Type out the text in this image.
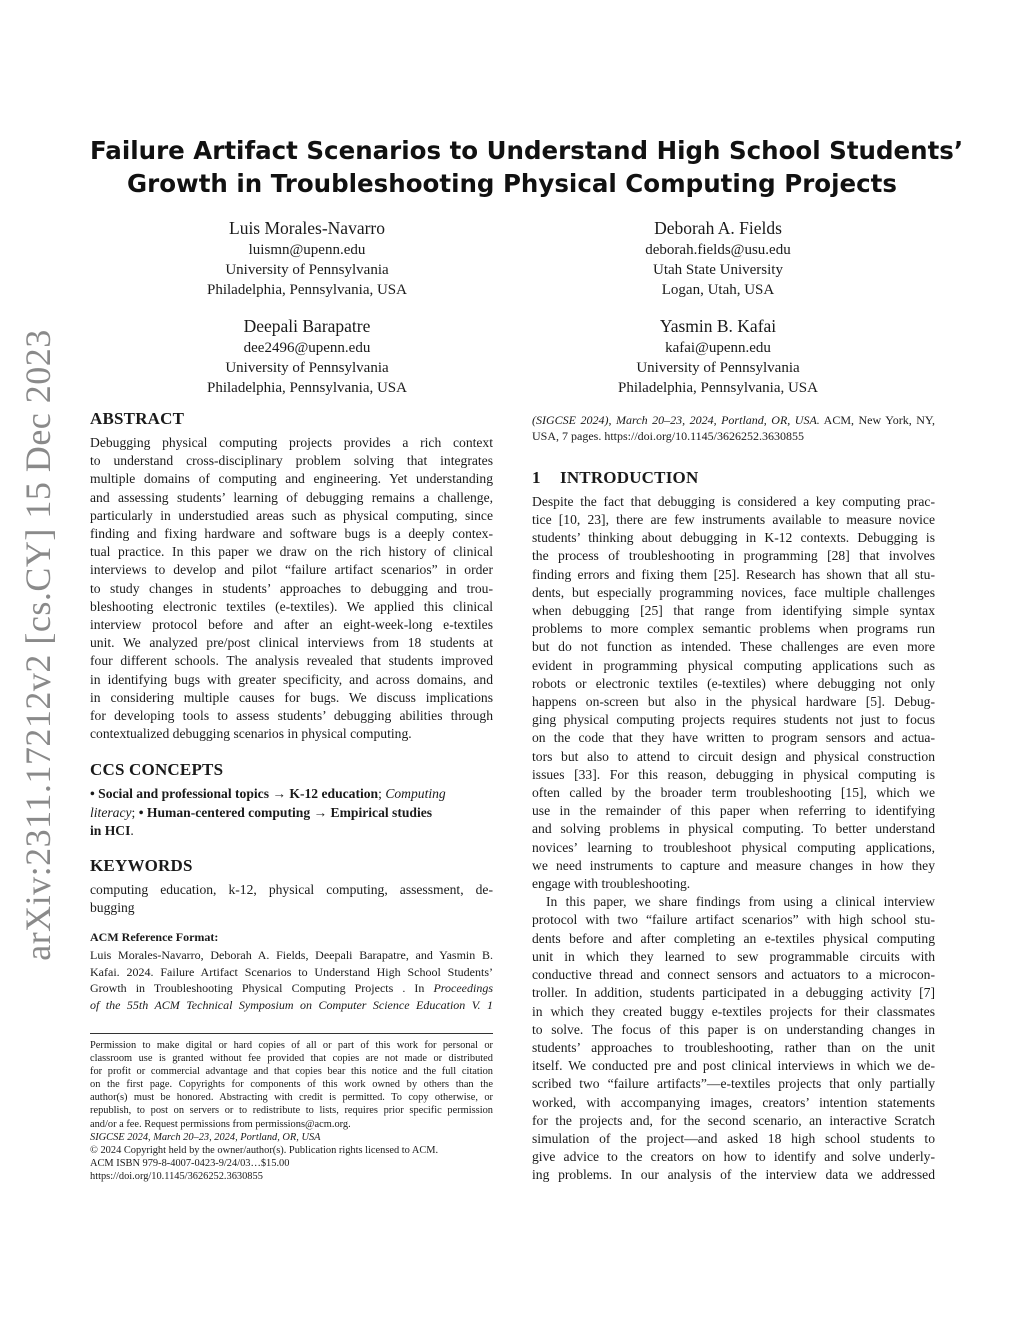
arXiv:2311.17212v2 [cs.CY] 15 Dec 2023
Failure Artifact Scenarios to Understand High School Students’
Growth in Troubleshooting Physical Computing Projects
Luis Morales-Navarro
luismn@upenn.edu
University of Pennsylvania
Philadelphia, Pennsylvania, USA
Deborah A. Fields
deborah.fields@usu.edu
Utah State University
Logan, Utah, USA
Deepali Barapatre
dee2496@upenn.edu
University of Pennsylvania
Philadelphia, Pennsylvania, USA
Yasmin B. Kafai
kafai@upenn.edu
University of Pennsylvania
Philadelphia, Pennsylvania, USA
ABSTRACT

Debugging physical computing projects provides a rich context
to understand cross-disciplinary problem solving that integrates
multiple domains of computing and engineering. Yet understanding
and assessing students’ learning of debugging remains a challenge,
particularly in understudied areas such as physical computing, since
finding and fixing hardware and software bugs is a deeply contex-
tual practice. In this paper we draw on the rich history of clinical
interviews to develop and pilot “failure artifact scenarios” in order
to study changes in students’ approaches to debugging and trou-
bleshooting electronic textiles (e-textiles). We applied this clinical
interview protocol before and after an eight-week-long e-textiles
unit. We analyzed pre/post clinical interviews from 18 students at
four different schools. The analysis revealed that students improved
in identifying bugs with greater specificity, and across domains, and
in considering multiple causes for bugs. We discuss implications
for developing tools to assess students’ debugging abilities through
contextualized debugging scenarios in physical computing.

CCS CONCEPTS

• Social and professional topics → K-12 education; Computing
literacy; • Human-centered computing → Empirical studies
in HCI.

KEYWORDS

computing education, k-12, physical computing, assessment, de-
bugging

ACM Reference Format:

Luis Morales-Navarro, Deborah A. Fields, Deepali Barapatre, and Yasmin B.
Kafai. 2024. Failure Artifact Scenarios to Understand High School Students’
Growth in Troubleshooting Physical Computing Projects . In Proceedings
of the 55th ACM Technical Symposium on Computer Science Education V. 1

Permission to make digital or hard copies of all or part of this work for personal or
classroom use is granted without fee provided that copies are not made or distributed
for profit or commercial advantage and that copies bear this notice and the full citation
on the first page. Copyrights for components of this work owned by others than the
author(s) must be honored. Abstracting with credit is permitted. To copy otherwise, or
republish, to post on servers or to redistribute to lists, requires prior specific permission
and/or a fee. Request permissions from permissions@acm.org.
SIGCSE 2024, March 20–23, 2024, Portland, OR, USA
© 2024 Copyright held by the owner/author(s). Publication rights licensed to ACM.
ACM ISBN 979-8-4007-0423-9/24/03…$15.00
https://doi.org/10.1145/3626252.3630855

(SIGCSE 2024), March 20–23, 2024, Portland, OR, USA. ACM, New York, NY,
USA, 7 pages. https://doi.org/10.1145/3626252.3630855

1 INTRODUCTION

Despite the fact that debugging is considered a key computing prac-
tice [10, 23], there are few instruments available to measure novice
students’ thinking about debugging in K-12 contexts. Debugging is
the process of troubleshooting in programming [28] that involves
finding errors and fixing them [25]. Research has shown that all stu-
dents, but especially programming novices, face multiple challenges
when debugging [25] that range from identifying simple syntax
problems to more complex semantic problems when programs run
but do not function as intended. These challenges are even more
evident in programming physical computing applications such as
robots or electronic textiles (e-textiles) where debugging not only
happens on-screen but also in the physical hardware [5]. Debug-
ging physical computing projects requires students not just to focus
on the code that they have written to program sensors and actua-
tors but also to attend to circuit design and physical construction
issues [33]. For this reason, debugging in physical computing is
often called by the broader term troubleshooting [15], which we
use in the remainder of this paper when referring to identifying
and solving problems in physical computing. To better understand
novices’ learning to troubleshoot physical computing applications,
we need instruments to capture and measure changes in how they
engage with troubleshooting.

In this paper, we share findings from using a clinical interview
protocol with two “failure artifact scenarios” with high school stu-
dents before and after completing an e-textiles physical computing
unit in which they learned to sew programmable circuits with
conductive thread and connect sensors and actuators to a microcon-
troller. In addition, students participated in a debugging activity [7]
in which they created buggy e-textiles projects for their classmates
to solve. The focus of this paper is on understanding changes in
students’ approaches to troubleshooting, rather than on the unit
itself. We conducted pre and post clinical interviews in which we de-
scribed two “failure artifacts”—e-textiles projects that only partially
worked, with accompanying images, creators’ intention statements
for the projects and, for the second scenario, an interactive Scratch
simulation of the project—and asked 18 high school students to
give advice to the creators on how to identify and solve underly-
ing problems. In our analysis of the interview data we addressed
